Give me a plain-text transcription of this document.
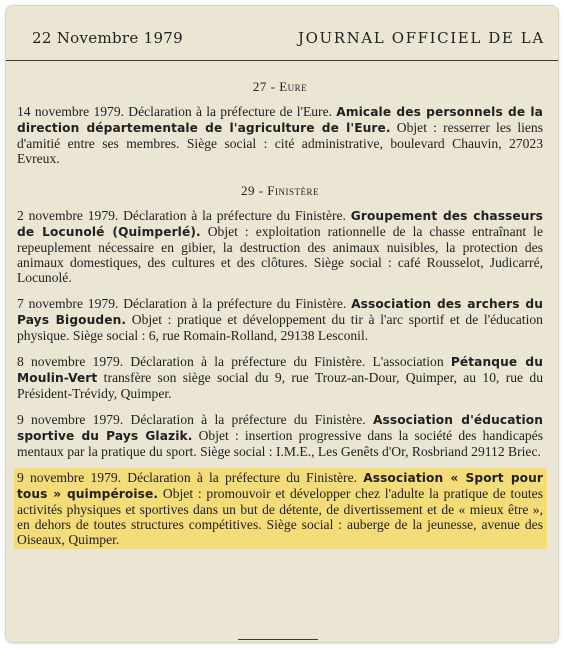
22 Novembre 1979	JOURNAL OFFICIEL DE LA

27 - Eure

14 novembre 1979. Déclaration à la préfecture de l'Eure. Amicale des personnels de la direction départementale de l'agriculture de l'Eure. Objet : resserrer les liens d'amitié entre ses membres. Siège social : cité administrative, boulevard Chauvin, 27023 Evreux.

29 - Finistère

2 novembre 1979. Déclaration à la préfecture du Finistère. Groupement des chasseurs de Locunolé (Quimperlé). Objet : exploitation rationnelle de la chasse entraînant le repeuplement nécessaire en gibier, la destruction des animaux nuisibles, la protection des animaux domestiques, des cultures et des clôtures. Siège social : café Rousselot, Judicarré, Locunolé.

7 novembre 1979. Déclaration à la préfecture du Finistère. Association des archers du Pays Bigouden. Objet : pratique et développement du tir à l'arc sportif et de l'éducation physique. Siège social : 6, rue Romain-Rolland, 29138 Lesconil.

8 novembre 1979. Déclaration à la préfecture du Finistère. L'association Pétanque du Moulin-Vert transfère son siège social du 9, rue Trouz-an-Dour, Quimper, au 10, rue du Président-Trévidy, Quimper.

9 novembre 1979. Déclaration à la préfecture du Finistère. Association d'éducation sportive du Pays Glazik. Objet : insertion progressive dans la société des handicapés mentaux par la pratique du sport. Siège social : I.M.E., Les Genêts d'Or, Rosbriand 29112 Briec.

9 novembre 1979. Déclaration à la préfecture du Finistère. Association « Sport pour tous » quimpéroise. Objet : promouvoir et développer chez l'adulte la pratique de toutes activités physiques et sportives dans un but de détente, de divertissement et de « mieux être », en dehors de toutes structures compétitives. Siège social : auberge de la jeunesse, avenue des Oiseaux, Quimper.
